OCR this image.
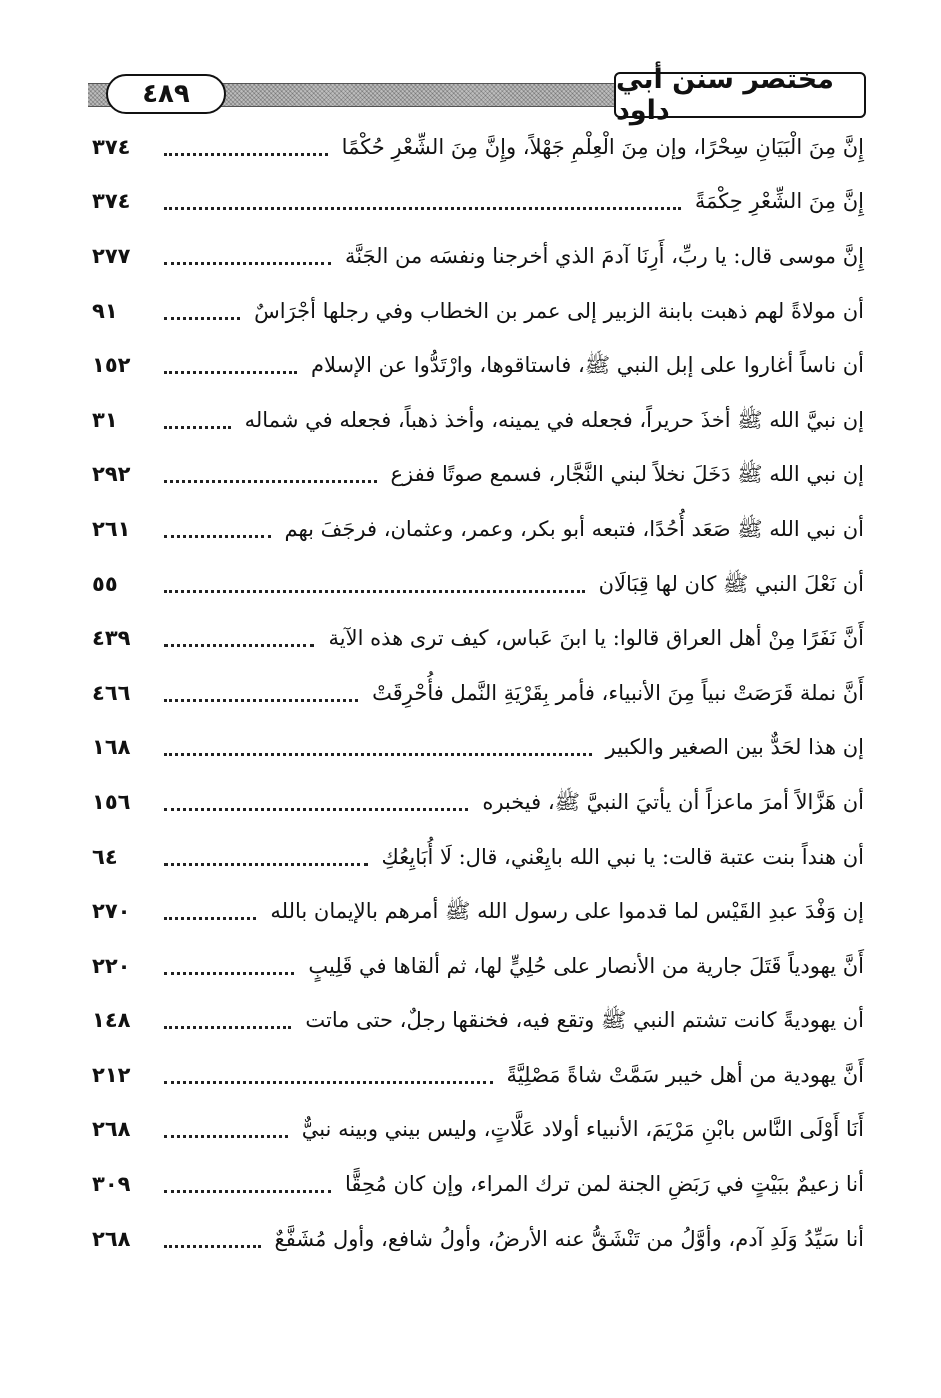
٤٨٩	مختصر سنن أبي داود
إِنَّ مِنَ الْبَيَانِ سِحْرًا، وإن مِنَ الْعِلْمِ جَهْلاً، وإِنَّ مِنَ الشِّعْرِ حُكْمًا
٣٧٤
إِنَّ مِنَ الشِّعْرِ حِكْمَةً
٣٧٤
إِنَّ موسى قال: يا ربِّ، أَرِنَا آدمَ الذي أخرجنا ونفسَه من الجَنَّة
٢٧٧
أن مولاةً لهم ذهبت بابنة الزبير إلى عمر بن الخطاب وفي رجلها أجْرَاسٌ
٩١
أن ناساً أغاروا على إبل النبي ﷺ، فاستاقوها، وارْتَدُّوا عن الإسلام
١٥٢
إن نبيَّ الله ﷺ أخذَ حريراً، فجعله في يمينه، وأخذ ذهباً، فجعله في شماله
٣١
إن نبي الله ﷺ دَخَلَ نخلاً لبني النَّجَّار، فسمع صوتًا ففزع
٢٩٢
أن نبي الله ﷺ صَعَد أُحُدًا، فتبعه أبو بكر، وعمر، وعثمان، فرجَفَ بهم
٢٦١
أن نَعْلَ النبي ﷺ كان لها قِبَالَان
٥٥
أَنَّ نَفَرًا مِنْ أهل العراق قالوا: يا ابنَ عَباس، كيف ترى هذه الآية
٤٣٩
أَنَّ نملة قَرَصَتْ نبياً مِنَ الأنبياء، فأمر بِقَرْيَةِ النَّمل فأُحْرِقَتْ
٤٦٦
إن هذا لحَدٌّ بين الصغير والكبير
١٦٨
أن هَزَّالاً أمرَ ماعزاً أن يأتيَ النبيَّ ﷺ، فيخبره
١٥٦
أن هنداً بنت عتبة قالت: يا نبي الله بايِعْني، قال: لَا أُبَايِعُكِ
٦٤
إن وَفْدَ عبدِ القَيْس لما قدموا على رسول الله ﷺ أمرهم بالإيمان بالله
٢٧٠
أَنَّ يهودياً قَتَلَ جارية من الأنصار على حُلِيٍّ لها، ثم ألقاها في قَلِيبٍ
٢٢٠
أن يهوديةً كانت تشتم النبي ﷺ وتقع فيه، فخنقها رجلٌ، حتى ماتت
١٤٨
أَنَّ يهودية من أهل خيبر سَمَّتْ شاةً مَصْلِيَّةً
٢١٢
أَنَا أَوْلَى النَّاس بابْنِ مَرْيَمَ، الأنبياء أولاد عَلَّاتٍ، وليس بيني وبينه نبيٌّ
٢٦٨
أنا زعيمٌ ببَيْتٍ في رَبَضِ الجنة لمن ترك المراء، وإن كان مُحِقًّا
٣٠٩
أنا سَيِّدُ وَلَدِ آدم، وأوَّلُ من تَنْشَقُّ عنه الأرضُ، وأولُ شافع، وأول مُشَفَّعٌ
٢٦٨
